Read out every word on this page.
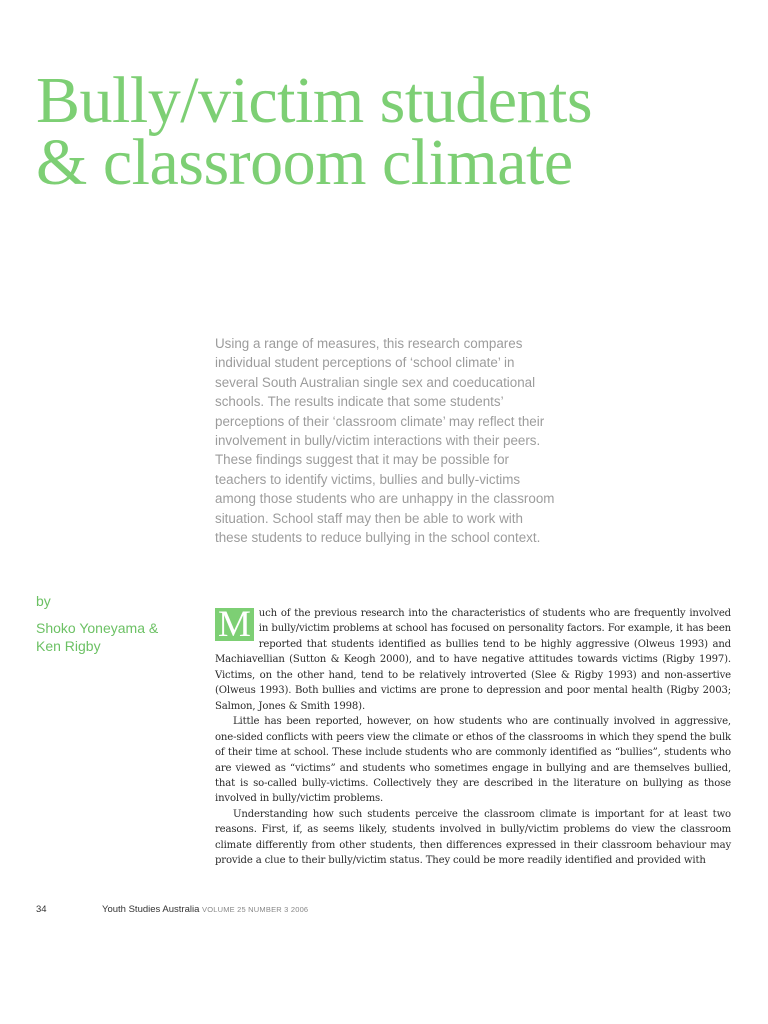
Bully/victim students
& classroom climate

Using a range of measures, this research compares individual student perceptions of ‘school climate’ in several South Australian single sex and coeducational schools. The results indicate that some students’ perceptions of their ‘classroom climate’ may reflect their involvement in bully/victim interactions with their peers. These findings suggest that it may be possible for teachers to identify victims, bullies and bully-victims among those students who are unhappy in the classroom situation. School staff may then be able to work with these students to reduce bullying in the school context.

by
Shoko Yoneyama & Ken Rigby

M uch of the previous research into the characteristics of students who are frequently involved in bully/victim problems at school has focused on personality factors. For example, it has been reported that students identified as bullies tend to be highly aggressive (Olweus 1993) and Machiavellian (Sutton & Keogh 2000), and to have negative attitudes towards victims (Rigby 1997). Victims, on the other hand, tend to be relatively introverted (Slee & Rigby 1993) and non-assertive (Olweus 1993). Both bullies and victims are prone to depression and poor mental health (Rigby 2003; Salmon, Jones & Smith 1998).

Little has been reported, however, on how students who are continually involved in aggressive, one-sided conflicts with peers view the climate or ethos of the classrooms in which they spend the bulk of their time at school. These include students who are commonly identified as “bullies”, students who are viewed as “victims” and students who sometimes engage in bullying and are themselves bullied, that is so-called bully-victims. Collectively they are described in the literature on bullying as those involved in bully/victim problems.

Understanding how such students perceive the classroom climate is important for at least two reasons. First, if, as seems likely, students involved in bully/victim problems do view the classroom climate differently from other students, then differences expressed in their classroom behaviour may provide a clue to their bully/victim status. They could be more readily identified and provided with

34	Youth Studies Australia VOLUME 25 NUMBER 3 2006
